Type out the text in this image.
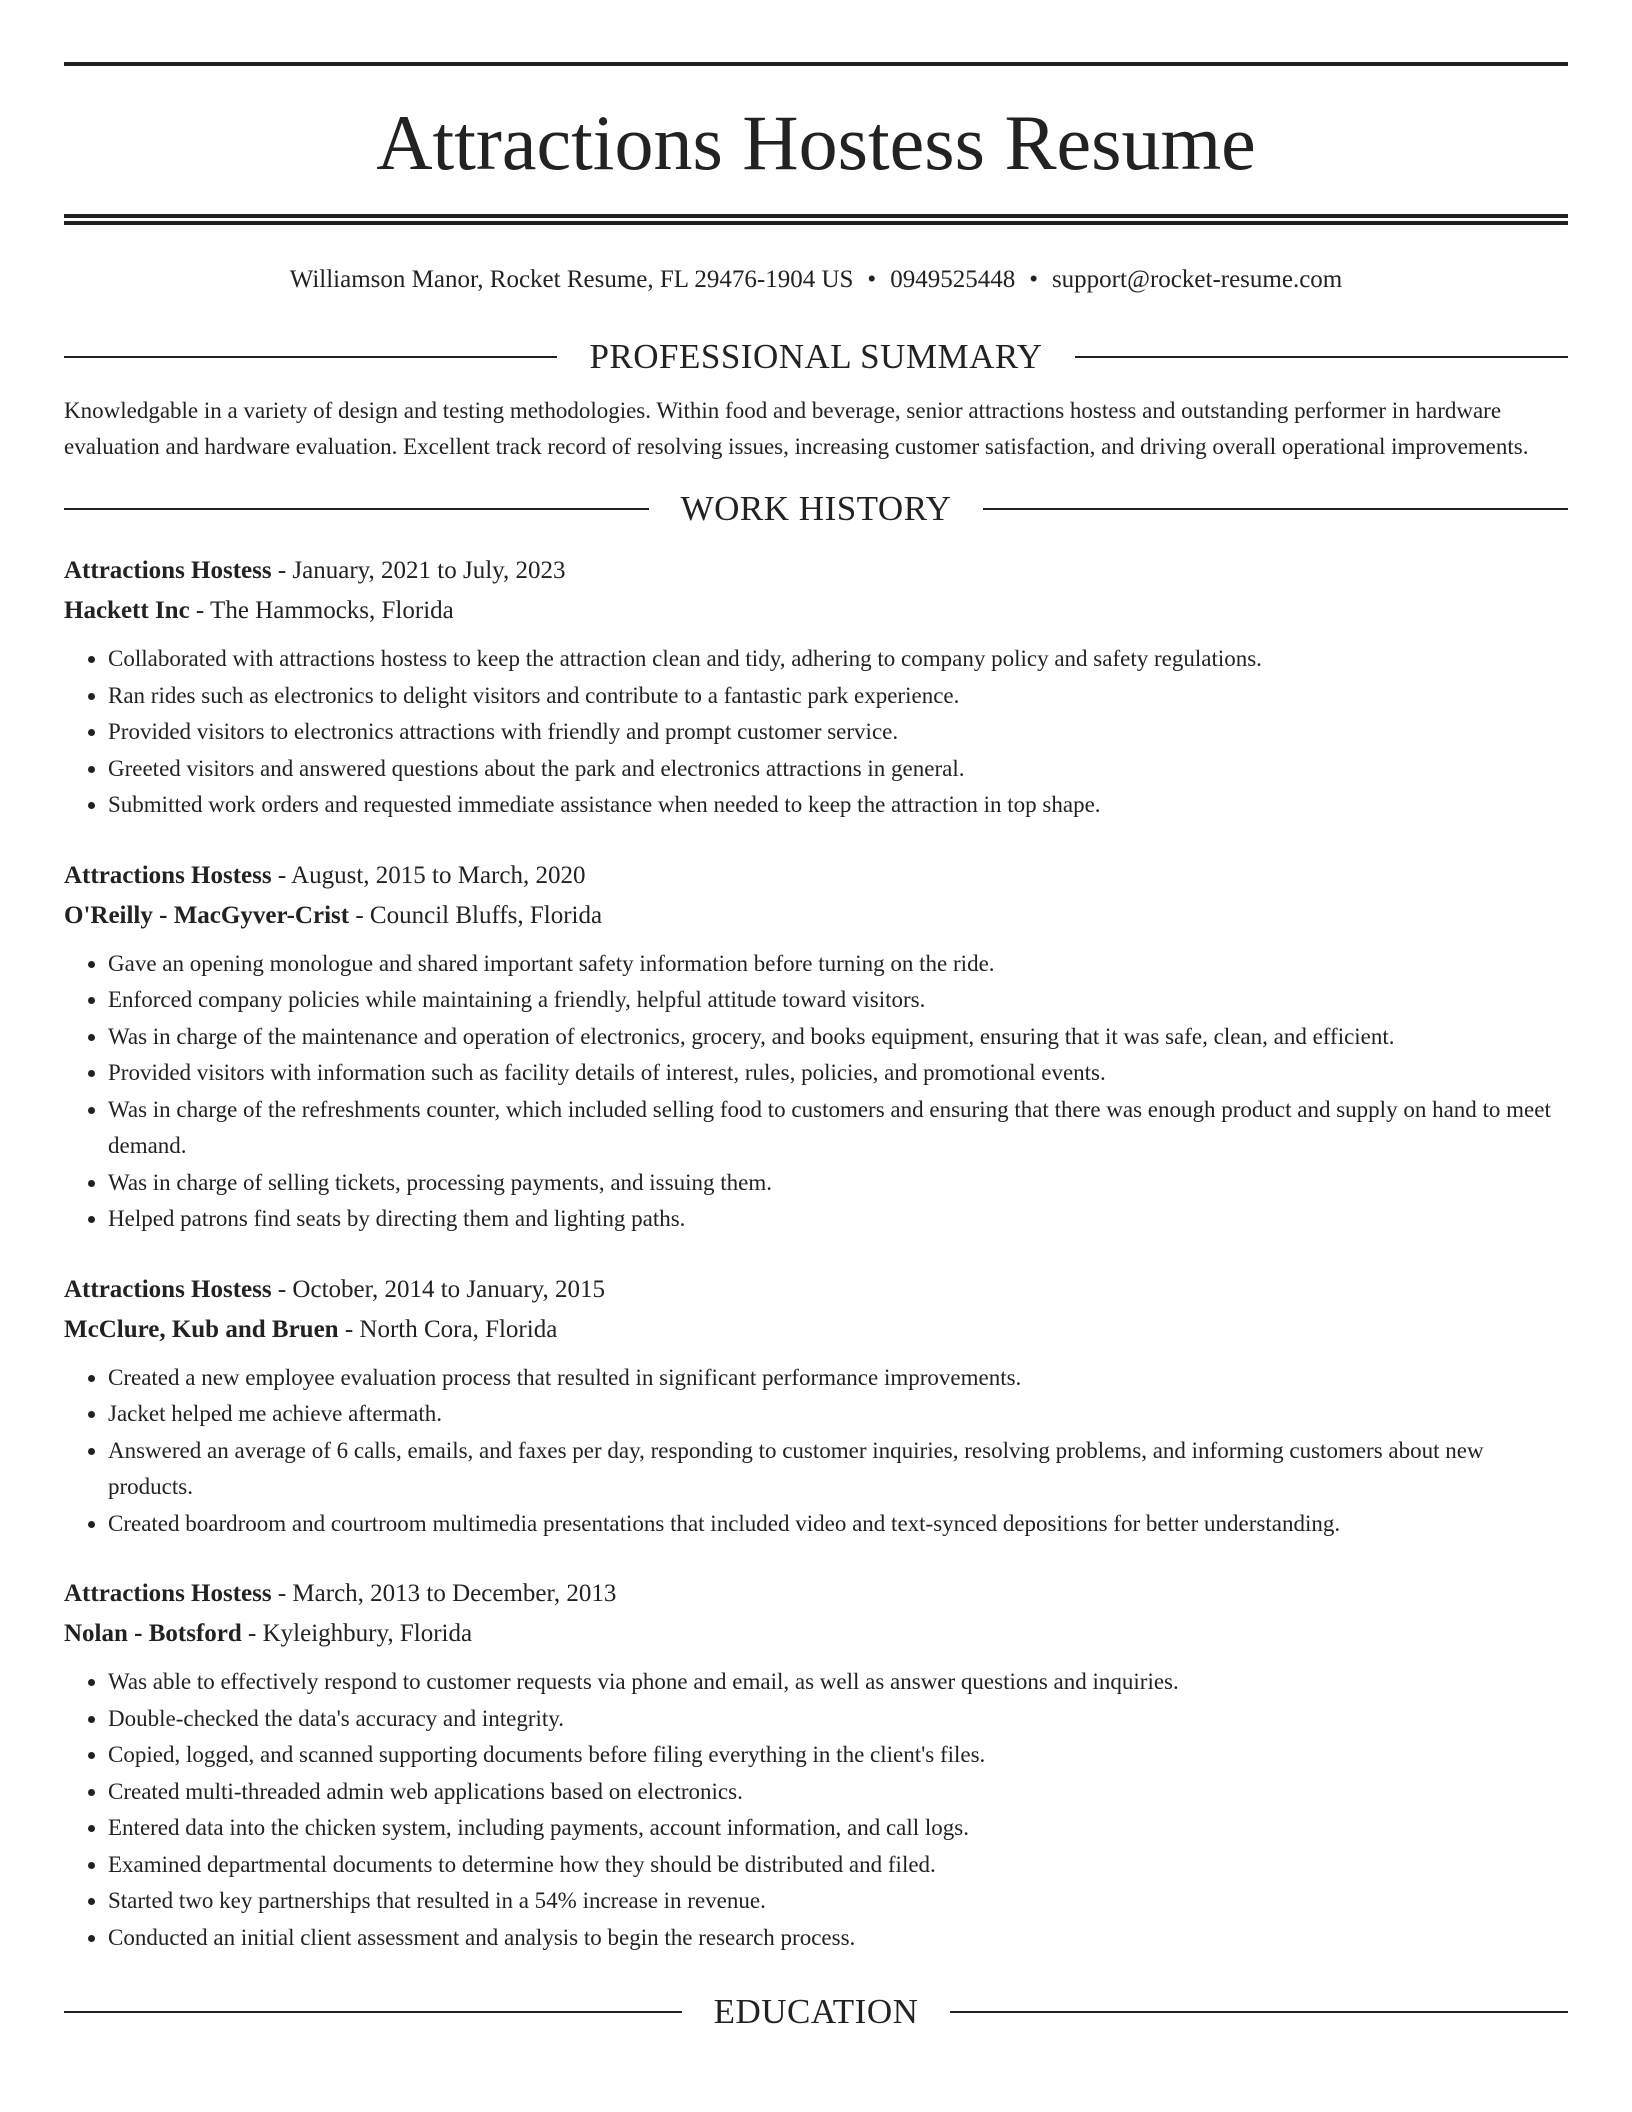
Attractions Hostess Resume
Williamson Manor, Rocket Resume, FL 29476-1904 US • 0949525448 • support@rocket-resume.com
PROFESSIONAL SUMMARY

Knowledgable in a variety of design and testing methodologies. Within food and beverage, senior attractions hostess and outstanding performer in hardware evaluation and hardware evaluation. Excellent track record of resolving issues, increasing customer satisfaction, and driving overall operational improvements.

WORK HISTORY
Attractions Hostess - January, 2021 to July, 2023
Hackett Inc - The Hammocks, Florida
• Collaborated with attractions hostess to keep the attraction clean and tidy, adhering to company policy and safety regulations.
• Ran rides such as electronics to delight visitors and contribute to a fantastic park experience.
• Provided visitors to electronics attractions with friendly and prompt customer service.
• Greeted visitors and answered questions about the park and electronics attractions in general.
• Submitted work orders and requested immediate assistance when needed to keep the attraction in top shape.
Attractions Hostess - August, 2015 to March, 2020
O'Reilly - MacGyver-Crist - Council Bluffs, Florida
• Gave an opening monologue and shared important safety information before turning on the ride.
• Enforced company policies while maintaining a friendly, helpful attitude toward visitors.
• Was in charge of the maintenance and operation of electronics, grocery, and books equipment, ensuring that it was safe, clean, and efficient.
• Provided visitors with information such as facility details of interest, rules, policies, and promotional events.
• Was in charge of the refreshments counter, which included selling food to customers and ensuring that there was enough product and supply on hand to meet demand.
• Was in charge of selling tickets, processing payments, and issuing them.
• Helped patrons find seats by directing them and lighting paths.
Attractions Hostess - October, 2014 to January, 2015
McClure, Kub and Bruen - North Cora, Florida
• Created a new employee evaluation process that resulted in significant performance improvements.
• Jacket helped me achieve aftermath.
• Answered an average of 6 calls, emails, and faxes per day, responding to customer inquiries, resolving problems, and informing customers about new products.
• Created boardroom and courtroom multimedia presentations that included video and text-synced depositions for better understanding.
Attractions Hostess - March, 2013 to December, 2013
Nolan - Botsford - Kyleighbury, Florida
• Was able to effectively respond to customer requests via phone and email, as well as answer questions and inquiries.
• Double-checked the data's accuracy and integrity.
• Copied, logged, and scanned supporting documents before filing everything in the client's files.
• Created multi-threaded admin web applications based on electronics.
• Entered data into the chicken system, including payments, account information, and call logs.
• Examined departmental documents to determine how they should be distributed and filed.
• Started two key partnerships that resulted in a 54% increase in revenue.
• Conducted an initial client assessment and analysis to begin the research process.
EDUCATION
